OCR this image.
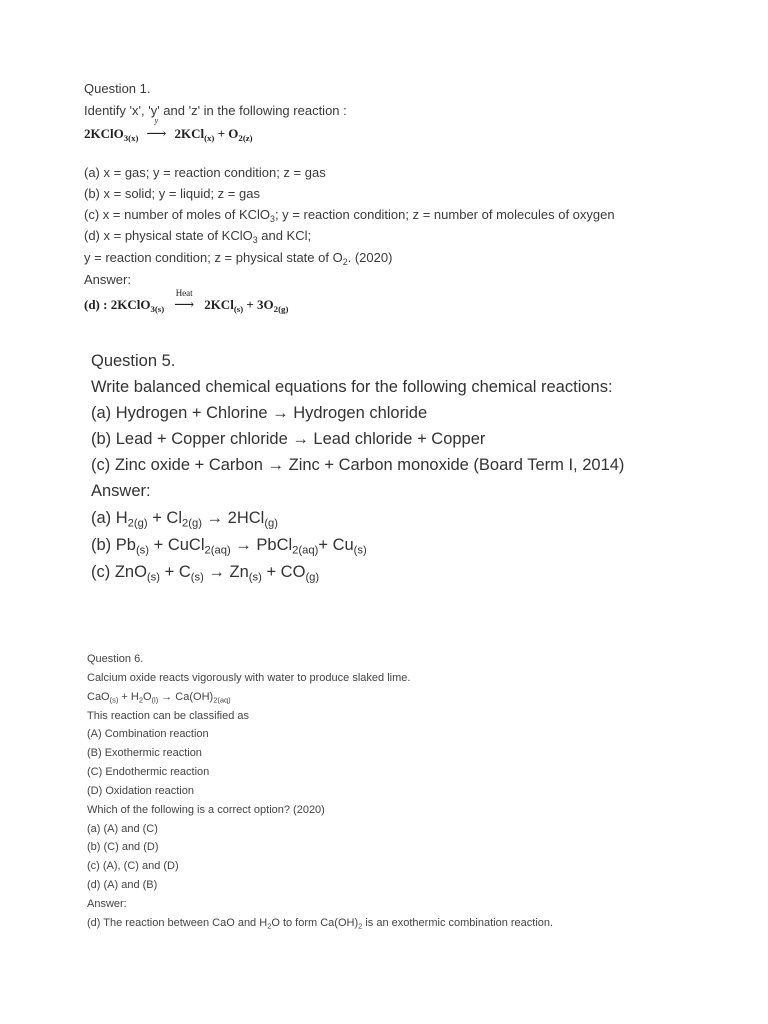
Question 1.
Identify 'x', 'y' and 'z' in the following reaction :
2KClO$_{3(x)}$
y
⟶ $2KCl_{(x)} + O_{2(z)}$
(a) x = gas; y = reaction condition; z = gas
(b) x = solid; y = liquid; z = gas
(c) x = number of moles of KClO$_3$; y = reaction condition; z = number of molecules of oxygen
(d) x = physical state of KClO$_3$ and KCl;
y = reaction condition; z = physical state of $O_2$. (2020)
Answer:
(d) : 2KClO$_{3(s)}$
Heat
⟶ $2KCl_{(s)} + 3O_{2(g)}$
Question 5.
Write balanced chemical equations for the following chemical reactions:
(a) Hydrogen + Chlorine → Hydrogen chloride
(b) Lead + Copper chloride → Lead chloride + Copper
(c) Zinc oxide + Carbon → Zinc + Carbon monoxide (Board Term I, 2014)
Answer:
(a) $H_{2(g)} + Cl_{2(g)} \to 2HCl_{(g)}$
(b) $Pb_{(s)}$ + CuCl$_{2(aq)}$ → PbCl$_{2(aq)}$+ $Cu_{(s)}$
(c) $ZnO_{(s)} + C_{(s)} \to Zn_{(s)} + CO_{(g)}$
Question 6.
Calcium oxide reacts vigorously with water to produce slaked lime.
$CaO_{(s)} + H_2O_{(l)} \to Ca(OH)_{2(aq)}$
This reaction can be classified as
(A) Combination reaction
(B) Exothermic reaction
(C) Endothermic reaction
(D) Oxidation reaction
Which of the following is a correct option? (2020)
(a) (A) and (C)
(b) (C) and (D)
(c) (A), (C) and (D)
(d) (A) and (B)
Answer:
(d) The reaction between CaO and $H_2O$ to form $Ca(OH)_2$ is an exothermic combination reaction.
